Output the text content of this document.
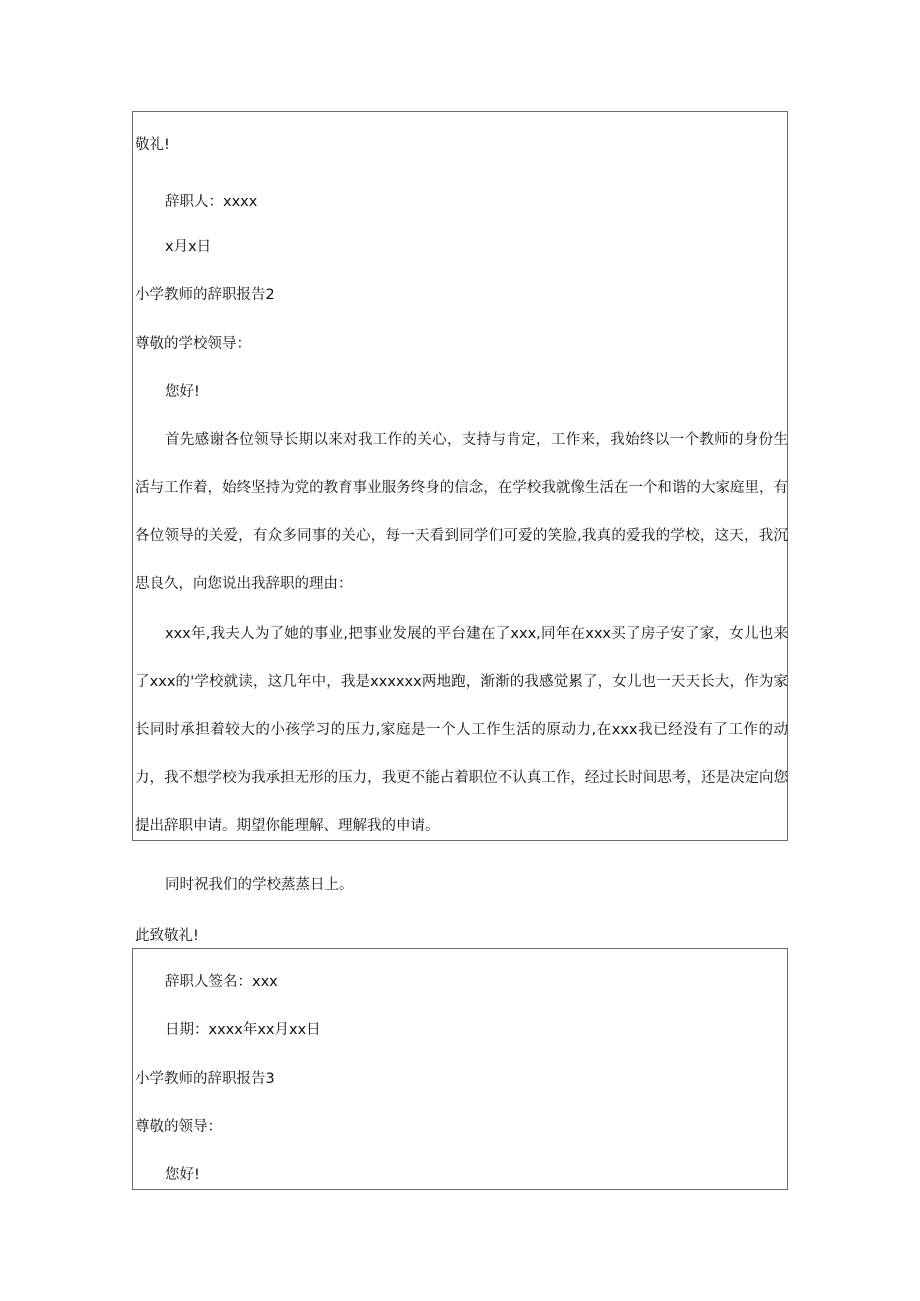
敬礼!
辞职人：xxxx
x月x日
小学教师的辞职报告2
尊敬的学校领导：
您好!
首先感谢各位领导长期以来对我工作的关心，支持与肯定，工作来，我始终以一个教师的身份生活与工作着，始终坚持为党的教育事业服务终身的信念，在学校我就像生活在一个和谐的大家庭里，有各位领导的关爱，有众多同事的关心，每一天看到同学们可爱的笑脸,我真的爱我的学校，这天，我沉思良久，向您说出我辞职的理由：
xxx年,我夫人为了她的事业,把事业发展的平台建在了xxx,同年在xxx买了房子安了家，女儿也来了xxx的'学校就读，这几年中，我是xxxxxx两地跑，渐渐的我感觉累了，女儿也一天天长大，作为家长同时承担着较大的小孩学习的压力,家庭是一个人工作生活的原动力,在xxx我已经没有了工作的动力，我不想学校为我承担无形的压力，我更不能占着职位不认真工作，经过长时间思考，还是决定向您提出辞职申请。期望你能理解、理解我的申请。
同时祝我们的学校蒸蒸日上。
此致敬礼!
辞职人签名：xxx
日期：xxxx年xx月xx日
小学教师的辞职报告3
尊敬的领导：
您好!
